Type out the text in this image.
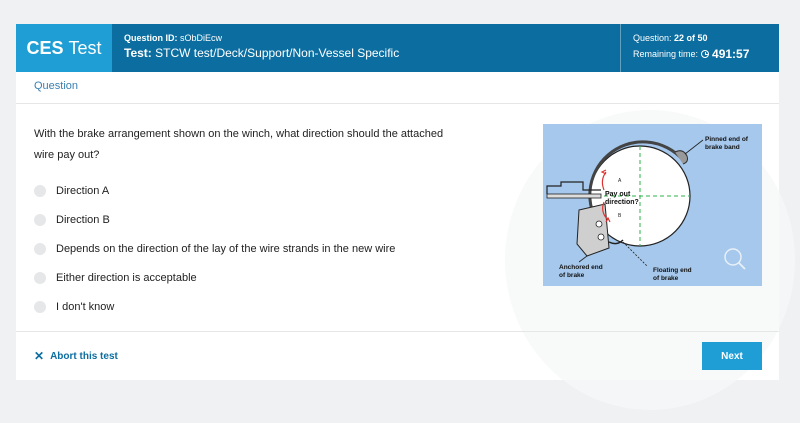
CES Test Question ID: sObDiEcw
Test: STCW test/Deck/Support/Non-Vessel Specific
Question: 22 of 50
Remaining time: 491:57
Question
With the brake arrangement shown on the winch, what direction should the attached wire pay out?
Direction A
Direction B
Depends on the direction of the lay of the wire strands in the new wire
Either direction is acceptable
I don't know
A
B
Pay out
direction?
Pinned end of
brake band
Anchored end
of brake
Floating end
of brake
✕ Abort this test	Next
